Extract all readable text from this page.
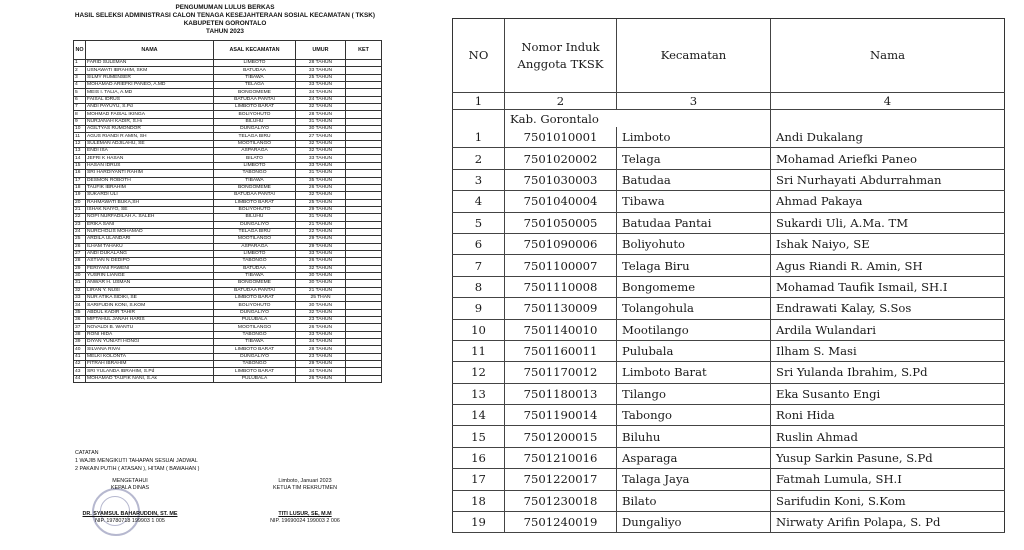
PENGUMUMAN LULUS BERKAS
HASIL SELEKSI ADMINISTRASI CALON TENAGA KESEJAHTERAAN SOSIAL KECAMATAN ( TKSK)
KABUPETEN GORONTALO
TAHUN 2023
NO	NAMA	ASAL KECAMATAN	UMUR	KET
1	FARID SULEMAN	LIMBOTO	28 TAHUN	
2	USNAWATI IBRAHIM, SKM	BATUDAA	33 TAHUN	
3	SILMY RUMENSER	TIBAWA	25 TAHUN	
4	MOHAMAD ARIEFKI PANEO, A.MD	TELAGA	33 TAHUN	
5	MEIS I. TALIA, A.MD	BONGOMEME	34 TAHUN	
6	FAISAL IDRUS	BATUDAA PANTAI	24 TAHUN	
7	ANDI PAYUYU, S.Pd	LIMBOTO BARAT	32 TAHUN	
8	MOHMAD FAISAL IKINGA	BOLIYOHUTO	28 TAHUN	
9	NURJANAH KADIR, S.Hi	BILUHU	31 TAHUN	
10	AGILTYAS RUMONDOR	DUNGALIYO	30 TAHUN	
11	AGUS RIANDI R AMIN, SH	TELAGA BIRU	27 TAHUN	
12	SULEMAN ADJILAHU, SE	MOOTILANGO	32 TAHUN	
13	ENDI ISA	ASPARAGA	32 TAHUN	
14	JEFRI K HASAN	BILATO	33 TAHUN	
15	HASAN IDRUS	LIMBOTO	33 TAHUN	
16	SRI HARDIYANTI RAHIM	TABONGO	31 TAHUN	
17	DESMON ROBOTH	TIBAWA	35 TAHUN	
18	TAUFIK IBRAHIM	BONGOMEME	26 TAHUN	
19	SUKARDI ULI	BATUDAA PANTAI	32 TAHUN	
20	RAHMAWATI BUKA,SH	LIMBOTO BARAT	25 TAHUN	
21	ISHAK NAIYO, SE	BOLIYOHUTO	29 TAHUN	
22	NOPI NURFADILAH A. SALEH	BILUHU	31 TAHUN	
23	ERIKA SANI	DUNGALIYO	21 TAHUN	
24	NURCHOLIS MOHAMAD	TELAGA BIRU	22 TAHUN	
25	ARDILA ULANDARI	MOOTILANGO	29 TAHUN	
26	ILHAM TAHAKU	ASPARAGA	29 TAHUN	
27	ANDI DUKALANG	LIMBOTO	33 TAHUN	
28	ASTIAN N DEDIPO	TABONGO	26 TAHUN	
29	FERIYANI PAWENI	BATUDAA	32 TAHUN	
30	YUSRIN LIANGE	TIBAWA	30 TAHUN	
31	ANWAR H. USMAN	BONGOMEME	30 TAHUN	
32	LIRAN Y. NUSI	BATUDAA PANTAI	21 TAHUN	
33	NUR ATIKA SIDIKI, SE	LIMBOTO BARAT	25 THAN	
34	SARIFUDIN KONI, S.KOM	BOLIYOHUTO	30 TAHUN	
35	ABDUL KADIR TAHIR	DUNGALIYO	32 TAHUN	
36	MIFTAHUL JANAH HARIS	PULUBALA	23 TAHUN	
37	NOVALDI B. WANTU	MOOTILANGO	26 TAHUN	
38	RONI HIDA	TABONGO	33 TAHUN	
39	DIYAN YUNIATI HONGI	TIBAWA	34 TAHUN	
40	SILVANA RIVAI	LIMBOTO BARAT	28 TAHUN	
41	MELKI KOLONTA	DUNGALIYO	23 TAHUN	
42	FITRAH IBRAHIM	TABONGO	29 TAHUN	
43	SRI YULANDA IBRAHIM, S.Pd	LIMBOTO BARAT	34 TAHUN	
44	MOHAMAD TAUFIK NANI, S.Ak	PULUBALA	26 TAHUN	
CATATAN
1 WAJIB MENGIKUTI TAHAPAN SESUAI JADWAL
2 PAKAIN PUTIH ( ATASAN ), HITAM ( BAWAHAN )
MENGETAHUI
KEPALA DINAS
DR. SYAMSUL BAHARUDDIN, ST. ME
NIP. 19780718 199903 1 005
Limboto, Januari 2023
KETUA TIM REKRUTMEN
TITI LUSUR, SE, M.M
NIP. 19690024 199003 2 006
NO	Nomor Induk Anggota TKSK	Kecamatan	Nama
1	2	3	4
	Kab. Gorontalo		
1	7501010001	Limboto	Andi Dukalang
2	7501020002	Telaga	Mohamad Ariefki Paneo
3	7501030003	Batudaa	Sri Nurhayati Abdurrahman
4	7501040004	Tibawa	Ahmad Pakaya
5	7501050005	Batudaa Pantai	Sukardi Uli, A.Ma. TM
6	7501090006	Boliyohuto	Ishak Naiyo, SE
7	7501100007	Telaga Biru	Agus Riandi R. Amin, SH
8	7501110008	Bongomeme	Mohamad Taufik Ismail, SH.I
9	7501130009	Tolangohula	Endrawati Kalay, S.Sos
10	7501140010	Mootilango	Ardila Wulandari
11	7501160011	Pulubala	Ilham S. Masi
12	7501170012	Limboto Barat	Sri Yulanda Ibrahim, S.Pd
13	7501180013	Tilango	Eka Susanto Engi
14	7501190014	Tabongo	Roni Hida
15	7501200015	Biluhu	Ruslin Ahmad
16	7501210016	Asparaga	Yusup Sarkin Pasune, S.Pd
17	7501220017	Talaga Jaya	Fatmah Lumula, SH.I
18	7501230018	Bilato	Sarifudin Koni, S.Kom
19	7501240019	Dungaliyo	Nirwaty Arifin Polapa, S. Pd
